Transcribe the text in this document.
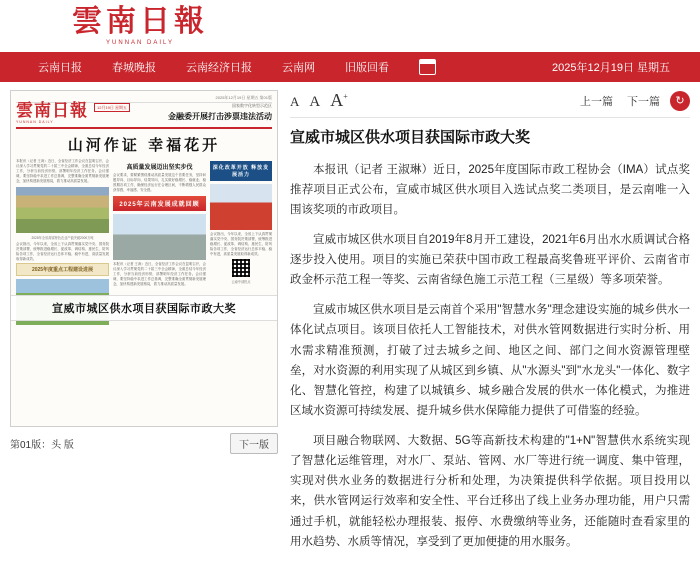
雲南日報
YUNNAN DAILY
云南日报	春城晚报	云南经济日报	云南网	旧版回看	2025年12月19日 星期五
2025年12月19日 星期五 第01版
雲南日報
YUNNAN DAILY
12月19日 星期五	国家数字化转型示范区
金融委开展打击涉票违法活动
山河作证 幸福花开
本报讯（记者 王涛）近日，全省经济工作会议在昆明召开，会议深入学习贯彻党的二十届三中全会精神，全面总结今年经济工作，分析当前经济形势，部署明年经济工作任务。会议强调，要坚持稳中求进工作总基调，完整准确全面贯彻新发展理念，加快构建新发展格局，着力推动高质量发展。
2025年全省高原特色农业产值突破2000万吨
会议指出，今年以来，全省上下认真贯彻落实党中央、国务院决策部署，统筹推进稳增长、促改革、调结构、惠民生、防风险各项工作，全省经济运行总体平稳、稳中有进，高质量发展取得新成效。
2025年度重点工程建设进展
高质量发展迈出坚实步伐
会议要求，要紧紧围绕推动高质量发展这个首要任务，坚持问题导向、目标导向、结果导向，扎实做好稳增长、稳就业、稳预期各项工作，确保经济运行在合理区间，不断增强人民群众获得感、幸福感、安全感。
2025年云南发展成就回顾
本报讯（记者 王涛）近日，全省经济工作会议在昆明召开，会议深入学习贯彻党的二十届三中全会精神，全面总结今年经济工作，分析当前经济形势，部署明年经济工作任务。会议强调，要坚持稳中求进工作总基调，完整准确全面贯彻新发展理念，加快构建新发展格局，着力推动高质量发展。
深化改革开放 释放发展活力
会议指出，今年以来，全省上下认真贯彻落实党中央、国务院决策部署，统筹推进稳增长、促改革、调结构、惠民生、防风险各项工作，全省经济运行总体平稳、稳中有进，高质量发展取得新成效。
云南中部热点
宣威市城区供水项目获国际市政大奖
第01版：头 版	下一版
A A A+	上一篇 下一篇	↻
宣威市城区供水项目获国际市政大奖

本报讯（记者 王淑琳）近日，2025年度国际市政工程协会（IMA）试点奖推荐项目正式公布，宣威市城区供水项目入选试点奖二类项目，是云南唯一入围该奖项的市政项目。

宣威市城区供水项目自2019年8月开工建设，2021年6月出水水质调试合格逐步投入使用。项目的实施已荣获中国市政工程最高奖鲁班平评价、云南省市政金杯示范工程一等奖、云南省绿色施工示范工程（三星级）等多项荣誉。

宣威市城区供水项目是云南首个采用"智慧水务"理念建设实施的城乡供水一体化试点项目。该项目依托人工智能技术，对供水管网数据进行实时分析、用水需求精准预测，打破了过去城乡之间、地区之间、部门之间水资源管理壁垒，对水资源的利用实现了从城区到乡镇、从"水源头"到"水龙头"一体化、数字化、智慧化管控，构建了以城镇乡、城乡融合发展的供水一体化模式，为推进区域水资源可持续发展、提升城乡供水保障能力提供了可借鉴的经验。

项目融合物联网、大数据、5G等高新技术构建的"1+N"智慧供水系统实现了智慧化运维管理，对水厂、泵站、管网、水厂等进行统一调度、集中管理，实现对供水业务的数据进行分析和处理，为决策提供科学依据。项目投用以来，供水管网运行效率和安全性、平台迁移出了线上业务办理功能，用户只需通过手机，就能轻松办理报装、报停、水费缴纳等业务，还能随时查看家里的用水趋势、水质等情况，享受到了更加便捷的用水服务。
